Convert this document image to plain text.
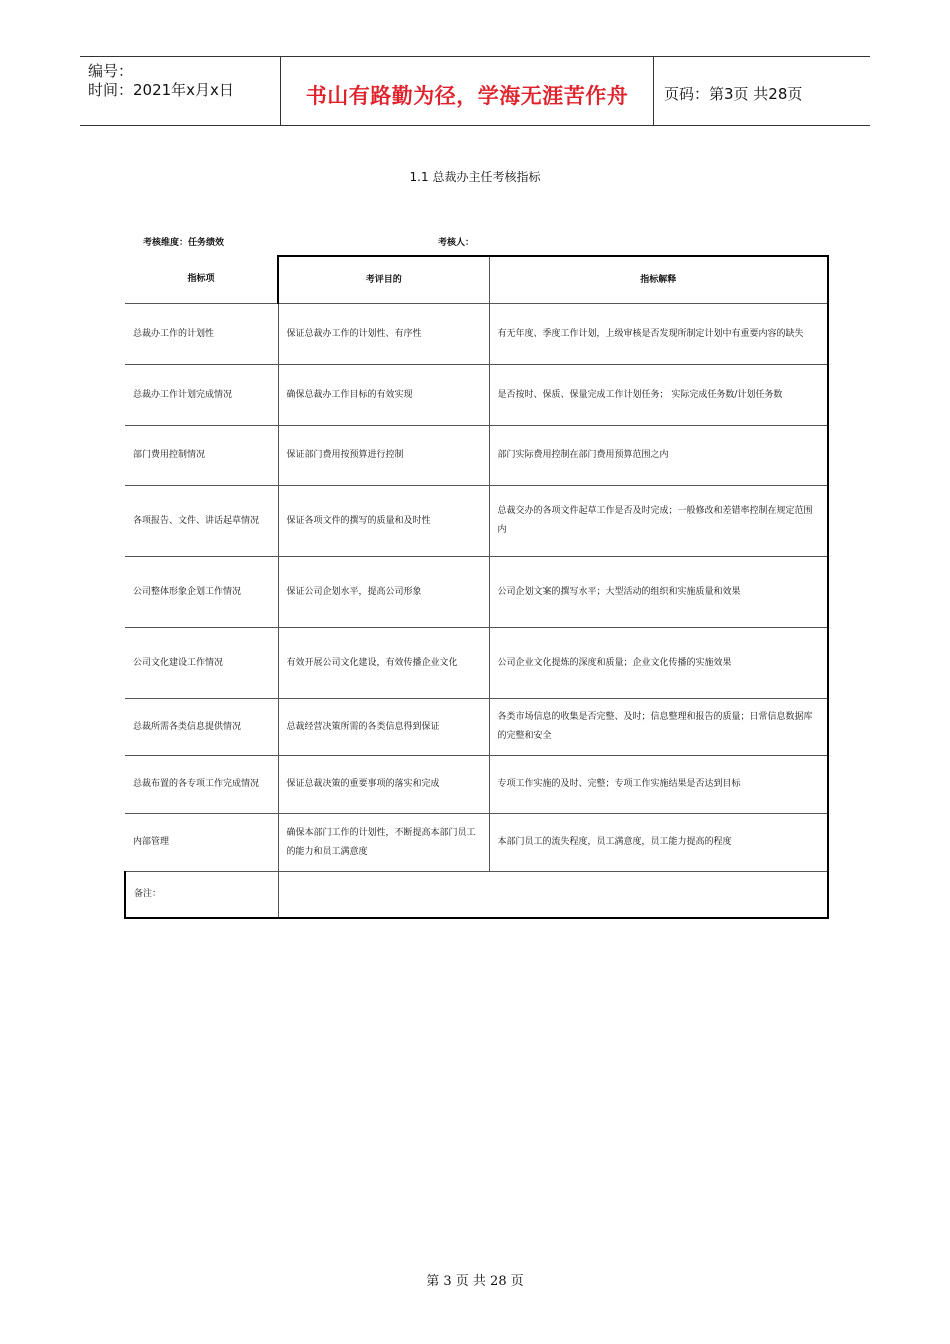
编号：
时间：2021年x月x日	书山有路勤为径，学海无涯苦作舟	页码：第3页 共28页
1.1 总裁办主任考核指标
考核维度：任务绩效	考核人：
指标项	考评目的	指标解释
总裁办工作的计划性	保证总裁办工作的计划性、有序性	有无年度、季度工作计划，上级审核是否发现所制定计划中有重要内容的缺失
总裁办工作计划完成情况	确保总裁办工作目标的有效实现	是否按时、保质、保量完成工作计划任务； 实际完成任务数/计划任务数
部门费用控制情况	保证部门费用按预算进行控制	部门实际费用控制在部门费用预算范围之内
各项报告、文件、讲话起草情况	保证各项文件的撰写的质量和及时性	总裁交办的各项文件起草工作是否及时完成；一般修改和差错率控制在规定范围内
公司整体形象企划工作情况	保证公司企划水平，提高公司形象	公司企划文案的撰写水平；大型活动的组织和实施质量和效果
公司文化建设工作情况	有效开展公司文化建设，有效传播企业文化	公司企业文化提炼的深度和质量；企业文化传播的实施效果
总裁所需各类信息提供情况	总裁经营决策所需的各类信息得到保证	各类市场信息的收集是否完整、及时；信息整理和报告的质量；日常信息数据库的完整和安全
总裁布置的各专项工作完成情况	保证总裁决策的重要事项的落实和完成	专项工作实施的及时、完整；专项工作实施结果是否达到目标
内部管理	确保本部门工作的计划性，不断提高本部门员工的能力和员工满意度	本部门员工的流失程度，员工满意度，员工能力提高的程度
备注：		
第 3 页 共 28 页
